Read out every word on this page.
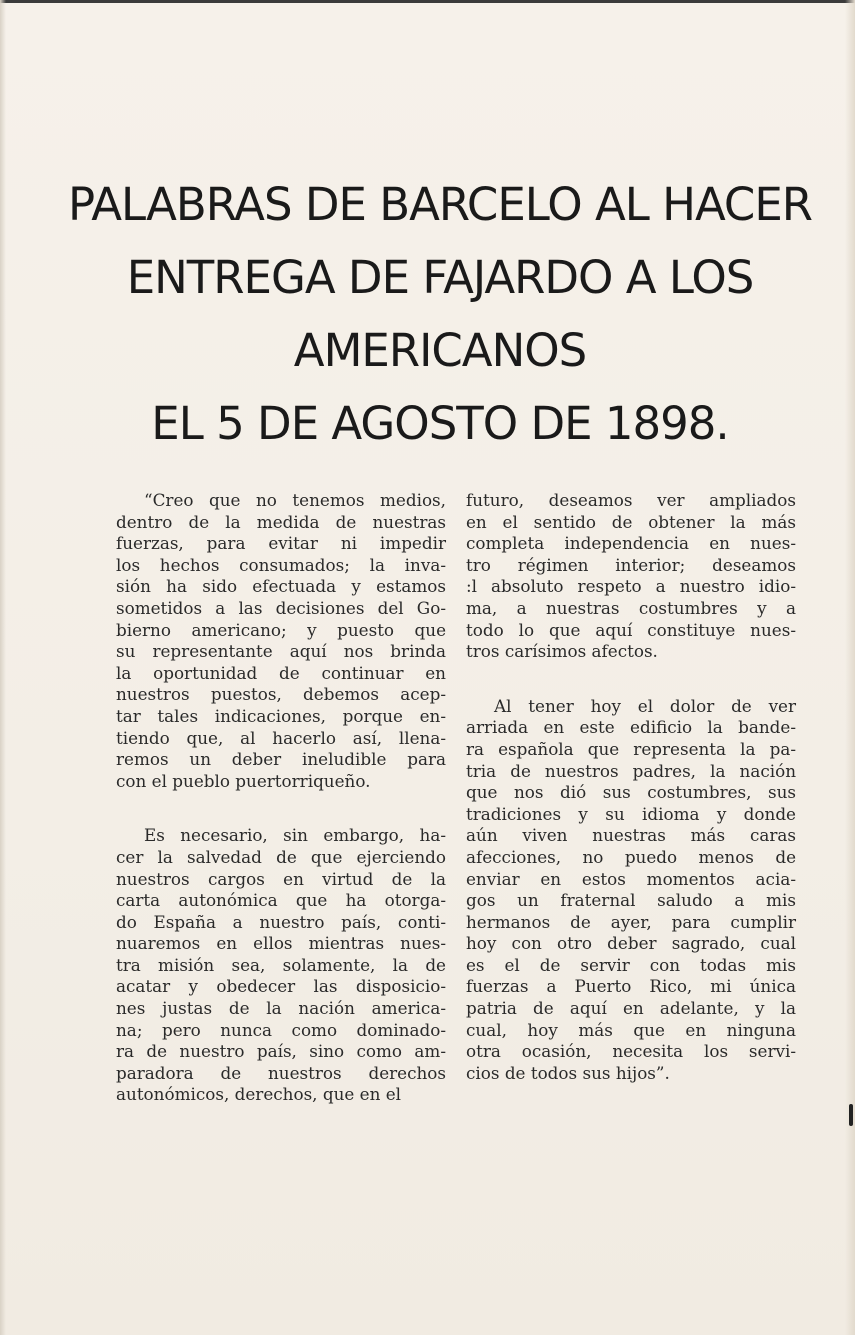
PALABRAS DE BARCELO AL HACER
ENTREGA DE FAJARDO A LOS
AMERICANOS
EL 5 DE AGOSTO DE 1898.
“Creo que no tenemos medios,
dentro de la medida de nuestras
fuerzas, para evitar ni impedir
los hechos consumados; la inva-
sión ha sido efectuada y estamos
sometidos a las decisiones del Go-
bierno americano; y puesto que
su representante aquí nos brinda
la oportunidad de continuar en
nuestros puestos, debemos acep-
tar tales indicaciones, porque en-
tiendo que, al hacerlo así, llena-
remos un deber ineludible para
con el pueblo puertorriqueño.
Es necesario, sin embargo, ha-
cer la salvedad de que ejerciendo
nuestros cargos en virtud de la
carta autonómica que ha otorga-
do España a nuestro país, conti-
nuaremos en ellos mientras nues-
tra misión sea, solamente, la de
acatar y obedecer las disposicio-
nes justas de la nación america-
na; pero nunca como dominado-
ra de nuestro país, sino como am-
paradora de nuestros derechos
autonómicos, derechos, que en el
futuro, deseamos ver ampliados
en el sentido de obtener la más
completa independencia en nues-
tro régimen interior; deseamos
:l absoluto respeto a nuestro idio-
ma, a nuestras costumbres y a
todo lo que aquí constituye nues-
tros carísimos afectos.
Al tener hoy el dolor de ver
arriada en este edificio la bande-
ra española que representa la pa-
tria de nuestros padres, la nación
que nos dió sus costumbres, sus
tradiciones y su idioma y donde
aún viven nuestras más caras
afecciones, no puedo menos de
enviar en estos momentos acia-
gos un fraternal saludo a mis
hermanos de ayer, para cumplir
hoy con otro deber sagrado, cual
es el de servir con todas mis
fuerzas a Puerto Rico, mi única
patria de aquí en adelante, y la
cual, hoy más que en ninguna
otra ocasión, necesita los servi-
cios de todos sus hijos”.
